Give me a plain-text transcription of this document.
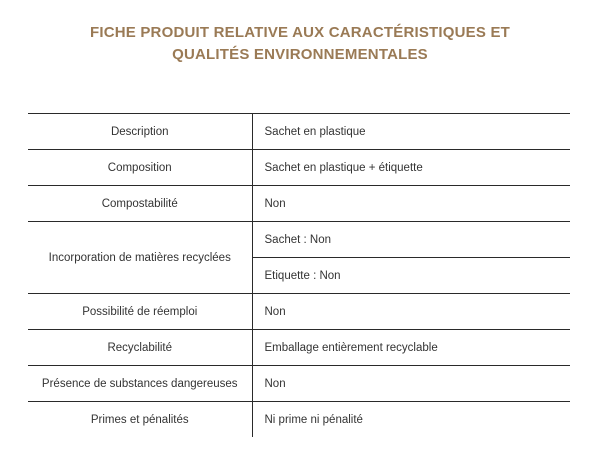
FICHE PRODUIT RELATIVE AUX CARACTÉRISTIQUES ET
QUALITÉS ENVIRONNEMENTALES
Description	Sachet en plastique
Composition	Sachet en plastique + étiquette
Compostabilité	Non
Incorporation de matières recyclées	Sachet : Non
	Etiquette : Non
Possibilité de réemploi	Non
Recyclabilité	Emballage entièrement recyclable
Présence de substances dangereuses	Non
Primes et pénalités	Ni prime ni pénalité
